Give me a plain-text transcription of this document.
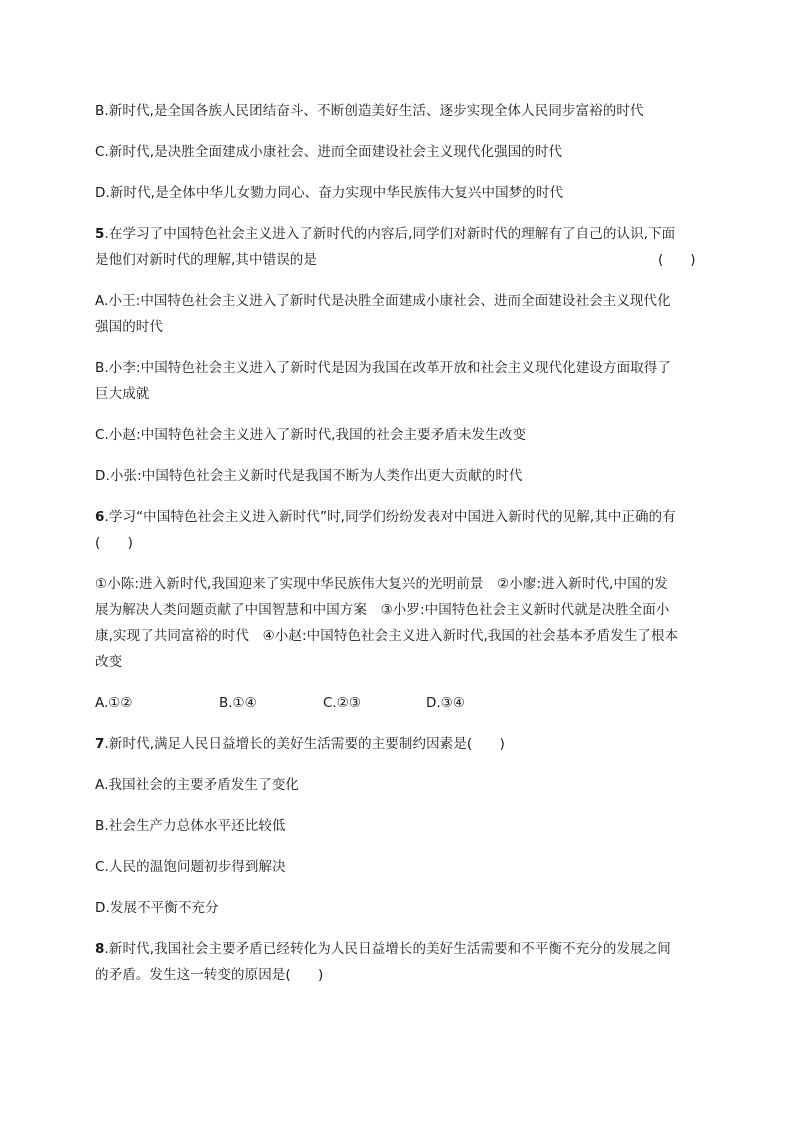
B.新时代,是全国各族人民团结奋斗、不断创造美好生活、逐步实现全体人民同步富裕的时代
C.新时代,是决胜全面建成小康社会、进而全面建设社会主义现代化强国的时代
D.新时代,是全体中华儿女勠力同心、奋力实现中华民族伟大复兴中国梦的时代
5.在学习了中国特色社会主义进入了新时代的内容后,同学们对新时代的理解有了自己的认识,下面
是他们对新时代的理解,其中错误的是	(　　)
A.小王:中国特色社会主义进入了新时代是决胜全面建成小康社会、进而全面建设社会主义现代化
强国的时代
B.小李:中国特色社会主义进入了新时代是因为我国在改革开放和社会主义现代化建设方面取得了
巨大成就
C.小赵:中国特色社会主义进入了新时代,我国的社会主要矛盾未发生改变
D.小张:中国特色社会主义新时代是我国不断为人类作出更大贡献的时代
6.学习“中国特色社会主义进入新时代”时,同学们纷纷发表对中国进入新时代的见解,其中正确的有
(　　)
①小陈:进入新时代,我国迎来了实现中华民族伟大复兴的光明前景　②小廖:进入新时代,中国的发
展为解决人类问题贡献了中国智慧和中国方案　③小罗:中国特色社会主义新时代就是决胜全面小
康,实现了共同富裕的时代　④小赵:中国特色社会主义进入新时代,我国的社会基本矛盾发生了根本
改变
A.①②	B.①④	C.②③	D.③④
7.新时代,满足人民日益增长的美好生活需要的主要制约因素是(　　)
A.我国社会的主要矛盾发生了变化
B.社会生产力总体水平还比较低
C.人民的温饱问题初步得到解决
D.发展不平衡不充分
8.新时代,我国社会主要矛盾已经转化为人民日益增长的美好生活需要和不平衡不充分的发展之间
的矛盾。发生这一转变的原因是(　　)
